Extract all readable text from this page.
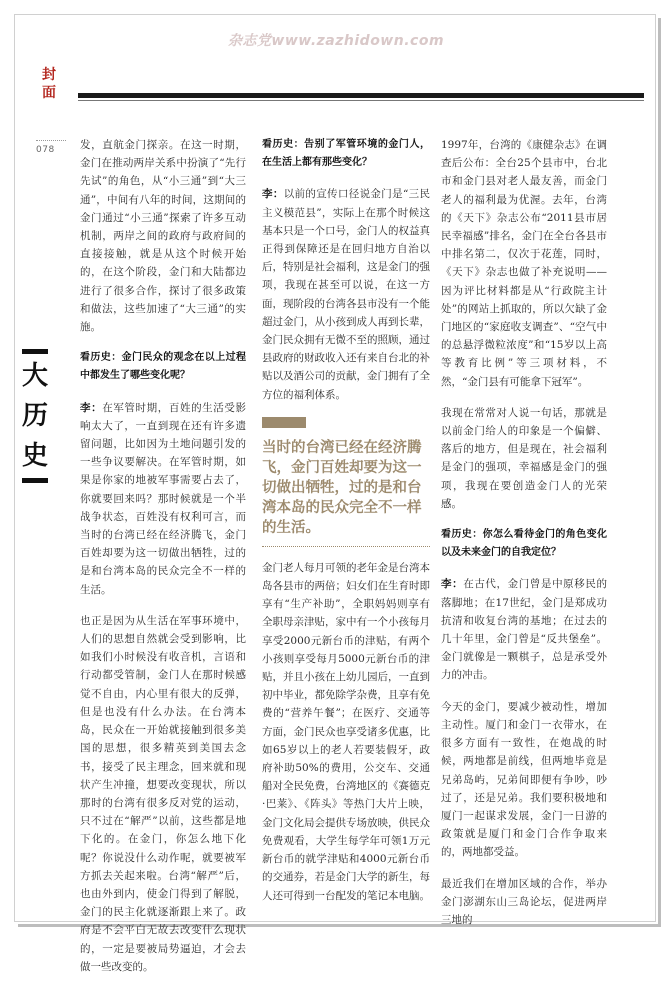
杂志党www.zazhidown.com
封面
078
大
历
史

发，直航金门探亲。在这一时期，金门在推动两岸关系中扮演了“先行先试”的角色，从“小三通”到“大三通”，中间有八年的时间，这期间的金门通过“小三通”探索了许多互动机制，两岸之间的政府与政府间的直接接触，就是从这个时候开始的，在这个阶段，金门和大陆都边进行了很多合作，探讨了很多政策和做法，这些加速了“大三通”的实施。

看历史：金门民众的观念在以上过程中都发生了哪些变化呢？

李：在军管时期，百姓的生活受影响太大了，一直到现在还有许多遗留问题，比如因为土地问题引发的一些争议要解决。在军管时期，如果是你家的地被军事需要占去了，你就要回来吗？那时候就是一个半战争状态，百姓没有权利可言，而当时的台湾已经在经济腾飞，金门百姓却要为这一切做出牺牲，过的是和台湾本岛的民众完全不一样的生活。

也正是因为从生活在军事环境中，人们的思想自然就会受到影响，比如我们小时候没有收音机，言语和行动都受管制，金门人在那时候感觉不自由，内心里有很大的反弹，但是也没有什么办法。在台湾本岛，民众在一开始就接触到很多美国的思想，很多精英到美国去念书，接受了民主理念，回来就和现状产生冲撞，想要改变现状，所以那时的台湾有很多反对党的运动，只不过在“解严”以前，这些都是地下化的。在金门，你怎么地下化呢？你说没什么动作呢，就要被军方抓去关起来啦。台湾“解严”后，也由外到内，使金门得到了解脱，金门的民主化就逐渐跟上来了。政府是不会平白无故去改变什么现状的，一定是要被局势逼迫，才会去做一些改变的。

看历史：告别了军管环境的金门人，在生活上都有那些变化？

李：以前的宣传口径说金门是“三民主义模范县”，实际上在那个时候这基本只是一个口号，金门人的权益真正得到保障还是在回归地方自治以后，特别是社会福利，这是金门的强项，我现在甚至可以说，在这一方面，现阶段的台湾各县市没有一个能超过金门，从小孩到成人再到长辈，金门民众拥有无微不至的照顾，通过县政府的财政收入还有来自台北的补贴以及酒公司的贡献，金门拥有了全方位的福利体系。

当时的台湾已经在经济腾飞，金门百姓却要为这一切做出牺牲，过的是和台湾本岛的民众完全不一样的生活。

金门老人每月可领的老年金是台湾本岛各县市的两倍；妇女们在生育时即享有“生产补助”，全职妈妈则享有全职母亲津贴，家中有一个小孩每月享受2000元新台币的津贴，有两个小孩则享受每月5000元新台币的津贴，并且小孩在上幼儿园后，一直到初中毕业，都免除学杂费，且享有免费的“营养午餐”；在医疗、交通等方面，金门民众也享受诸多优惠，比如65岁以上的老人若要装假牙，政府补助50%的费用，公交车、交通船对全民免费，台湾地区的《赛德克·巴莱》、《阵头》等热门大片上映，金门文化局会提供专场放映，供民众免费观看，大学生每学年可领1万元新台币的就学津贴和4000元新台币的交通券，若是金门大学的新生，每人还可得到一台配发的笔记本电脑。

1997年，台湾的《康健杂志》在调查后公布：全台25个县市中，台北市和金门县对老人最友善，而金门老人的福利最为优渥。去年，台湾的《天下》杂志公布“2011县市居民幸福感”排名，金门在全台各县市中排名第二，仅次于花莲，同时，《天下》杂志也做了补充说明——因为评比材料都是从“行政院主计处”的网站上抓取的，所以欠缺了金门地区的“家庭收支调查”、“空气中的总悬浮微粒浓度”和“15岁以上高等教育比例”等三项材料，不然，“金门县有可能拿下冠军”。

我现在常常对人说一句话，那就是以前金门给人的印象是一个偏僻、落后的地方，但是现在，社会福利是金门的强项，幸福感是金门的强项，我现在要创造金门人的光荣感。

看历史：你怎么看待金门的角色变化以及未来金门的自我定位？

李：在古代，金门曾是中原移民的落脚地；在17世纪，金门是郑成功抗清和收复台湾的基地；在过去的几十年里，金门曾是“反共堡垒”。金门就像是一颗棋子，总是承受外力的冲击。

今天的金门，要减少被动性，增加主动性。厦门和金门一衣带水，在很多方面有一致性，在炮战的时候，两地都是前线，但两地毕竟是兄弟岛屿，兄弟间即便有争吵，吵过了，还是兄弟。我们要积极地和厦门一起谋求发展，金门一日游的政策就是厦门和金门合作争取来的，两地都受益。

最近我们在增加区域的合作，举办金门澎湖东山三岛论坛，促进两岸三地的
